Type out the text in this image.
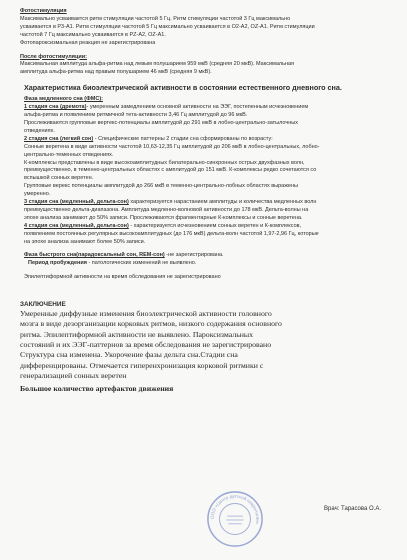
Фотостимуляция
Максимально усваивается ритм стимуляции частотой 5 Гц. Ритм стимуляции частотой 3 Гц максимально
усваивается в P3-A1. Ритм стимуляции частотой 5 Гц максимально усваивается в O2-A2, OZ-A1. Ритм стимуляции
частотой 7 Гц максимально усваивается в PZ-A2, OZ-A1.
Фотопароксизмальная реакция не зарегистрирована
После фотостимуляции:
Максимальная амплитуда альфа-ритма над левым полушарием 959 мкВ (средняя 20 мкВ). Максимальная
амплитуда альфа-ритма над правым полушарием 46 мкВ (средняя 9 мкВ).
Характеристика биоэлектрической активности в состоянии естественного дневного сна.
Фаза медленного сна (ФМС):
1 стадия сна (дремота)- умеренным замедлением основной активности на ЭЭГ, постепенным исчезновением
альфа-ритма и появлением ритмичной тета-активности 3,46 Гц амплитудой до 96 мкВ.
Прослеживаются групповые вертекс-потенциалы амплитудой до 291 мкВ в лобно-центрально-затылочных
отведениях.
2 стадия сна (легкий сон) - Специфические паттерны 2 стадии сна сформированы по возрасту:
Сонные веретена в виде активности частотой 10,63-12,35 Гц амплитудой до 206 мкВ в лобно-центральных, лобно-
центрально-теменных отведениях.
К-комплексы представлены в виде высокоамплитудных билатерально-синхронных острых двухфазных волн,
преимущественно, в теменно-центральных областях с амплитудой до 151 мкВ. К-комплексы редко сочетаются со
вспышкой сонных веретен.
Групповые верекс потенциалы амплитудой до 266 мкВ в теменно-центрально-лобных областях выражены
умеренно.
3 стадия сна (медленный, дельта-сон) характеризуется нарастанием амплитуды и количества медленных волн
преимущественно дельта-диапазона. Амплитуда медленно-волновой активности до 178 мкВ. Дельта-волны на
эпохе анализа занимают до 50% записи. Прослеживаются фрагментарные К-комплексы и сонные веретена.
4 стадия сна (медленный, дельта-сон) - характеризуется исчезновением сонных веретен и К-комплексов,
появлением постоянных регулярных высокоамплитудных (до 176 мкВ) дельта-волн частотой 1,97-2,96 Гц, которые
на эпохе анализа занимают более 50% записи.
Фаза быстрого сна(парадоксальный сон, REM-сон) -не зарегистрирована.
Период пробуждения - патологических изменений не выявлено.
Эпилептиформной активности на время обследования не зарегистрировано
ЗАКЛЮЧЕНИЕ
Умеренные диффузные изменения биоэлектрической активности головного
мозга в виде дезорганизации корковых ритмов, низкого содержания основного
ритма. Эпилептиформной активности не выявлено. Пароксизмальных
состояний и их ЭЭГ-паттернов за время обследования не зарегистрировано
Структура сна изменена. Укорочение фазы дельта сна.Стадии сна
дифференцированы. Отмечается гиперенхронизация корковой ритмики с
генерализацией сонных веретен
Большое количество артефактов движения
ООО «Центр детской неврологии»
Врач: Тарасова О.А.
